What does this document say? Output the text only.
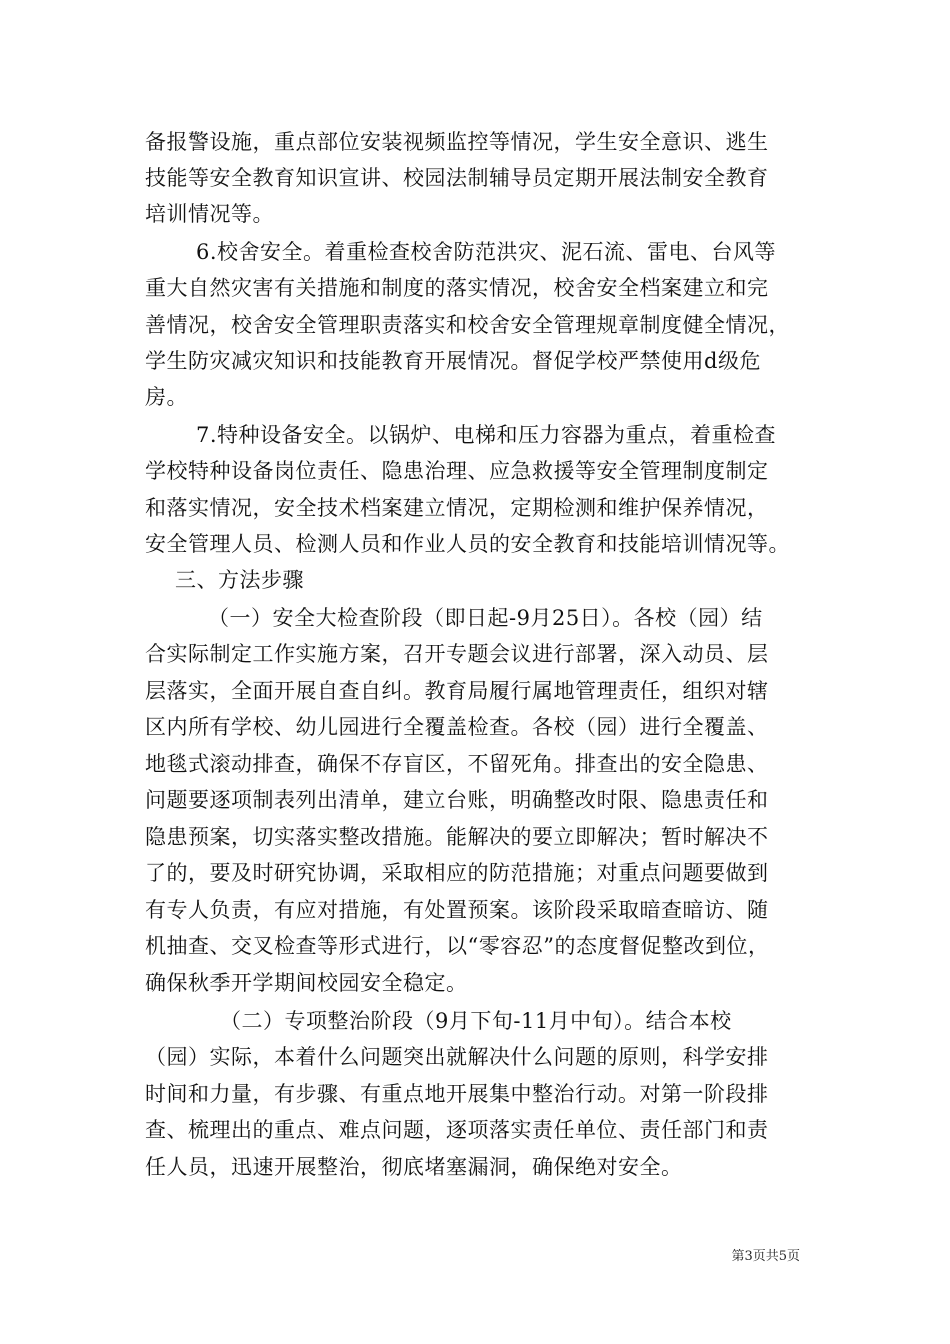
备报警设施，重点部位安装视频监控等情况，学生安全意识、逃生
技能等安全教育知识宣讲、校园法制辅导员定期开展法制安全教育
培训情况等。
6.校舍安全。着重检查校舍防范洪灾、泥石流、雷电、台风等
重大自然灾害有关措施和制度的落实情况，校舍安全档案建立和完
善情况，校舍安全管理职责落实和校舍安全管理规章制度健全情况，
学生防灾减灾知识和技能教育开展情况。督促学校严禁使用d级危
房。
7.特种设备安全。以锅炉、电梯和压力容器为重点，着重检查
学校特种设备岗位责任、隐患治理、应急救援等安全管理制度制定
和落实情况，安全技术档案建立情况，定期检测和维护保养情况，
安全管理人员、检测人员和作业人员的安全教育和技能培训情况等。
三、方法步骤
（一）安全大检查阶段（即日起-9月25日）。各校（园）结
合实际制定工作实施方案，召开专题会议进行部署，深入动员、层
层落实，全面开展自查自纠。教育局履行属地管理责任，组织对辖
区内所有学校、幼儿园进行全覆盖检查。各校（园）进行全覆盖、
地毯式滚动排查，确保不存盲区，不留死角。排查出的安全隐患、
问题要逐项制表列出清单，建立台账，明确整改时限、隐患责任和
隐患预案，切实落实整改措施。能解决的要立即解决；暂时解决不
了的，要及时研究协调，采取相应的防范措施；对重点问题要做到
有专人负责，有应对措施，有处置预案。该阶段采取暗查暗访、随
机抽查、交叉检查等形式进行，以“零容忍”的态度督促整改到位，
确保秋季开学期间校园安全稳定。
（二）专项整治阶段（9月下旬-11月中旬）。结合本校
（园）实际，本着什么问题突出就解决什么问题的原则，科学安排
时间和力量，有步骤、有重点地开展集中整治行动。对第一阶段排
查、梳理出的重点、难点问题，逐项落实责任单位、责任部门和责
任人员，迅速开展整治，彻底堵塞漏洞，确保绝对安全。
第3页共5页
